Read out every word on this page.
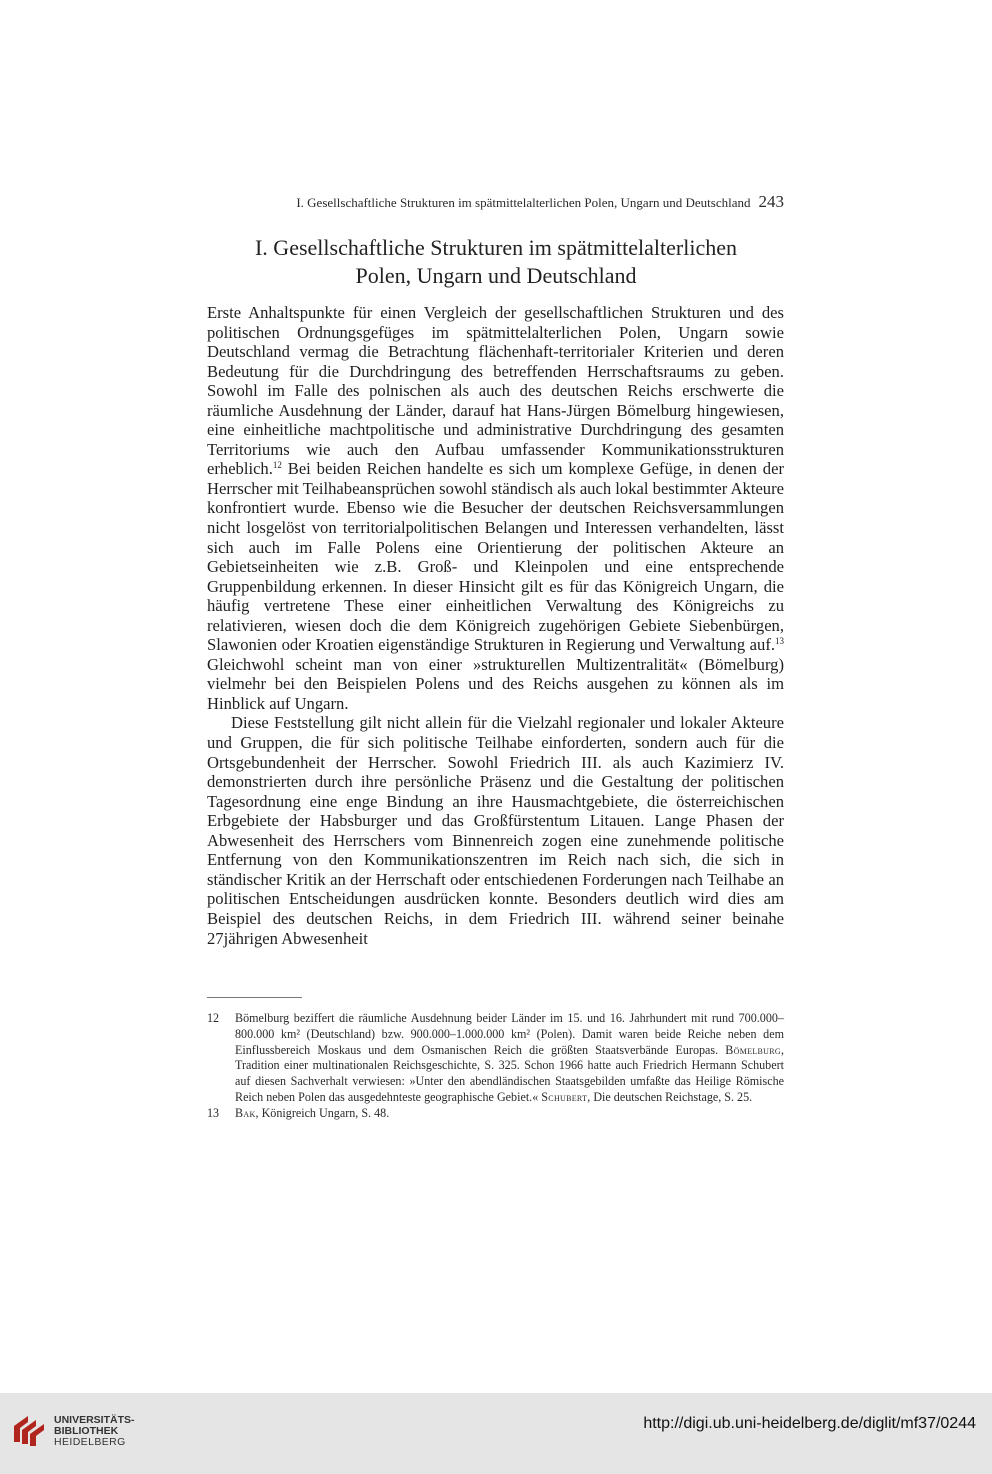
I. Gesellschaftliche Strukturen im spätmittelalterlichen Polen, Ungarn und Deutschland 243
I. Gesellschaftliche Strukturen im spätmittelalterlichen
Polen, Ungarn und Deutschland

Erste Anhaltspunkte für einen Vergleich der gesellschaftlichen Strukturen und des politischen Ordnungsgefüges im spätmittelalterlichen Polen, Ungarn sowie Deutschland vermag die Betrachtung flächenhaft-territorialer Kriterien und deren Bedeutung für die Durchdringung des betreffenden Herrschaftsraums zu geben. Sowohl im Falle des polnischen als auch des deutschen Reichs erschwerte die räumliche Ausdehnung der Länder, darauf hat Hans-Jürgen Bömelburg hingewiesen, eine einheitliche machtpolitische und administrative Durchdringung des gesamten Territoriums wie auch den Aufbau umfassender Kommunikationsstrukturen erheblich.$^{12}$ Bei beiden Reichen handelte es sich um komplexe Gefüge, in denen der Herrscher mit Teilhabeansprüchen sowohl ständisch als auch lokal bestimmter Akteure konfrontiert wurde. Ebenso wie die Besucher der deutschen Reichsversammlungen nicht losgelöst von territorialpolitischen Belangen und Interessen verhandelten, lässt sich auch im Falle Polens eine Orientierung der politischen Akteure an Gebietseinheiten wie z.B. Groß- und Kleinpolen und eine entsprechende Gruppenbildung erkennen. In dieser Hinsicht gilt es für das Königreich Ungarn, die häufig vertretene These einer einheitlichen Verwaltung des Königreichs zu relativieren, wiesen doch die dem Königreich zugehörigen Gebiete Siebenbürgen, Slawonien oder Kroatien eigenständige Strukturen in Regierung und Verwaltung auf.$^{13}$ Gleichwohl scheint man von einer »strukturellen Multizentralität« (Bömelburg) vielmehr bei den Beispielen Polens und des Reichs ausgehen zu können als im Hinblick auf Ungarn.

Diese Feststellung gilt nicht allein für die Vielzahl regionaler und lokaler Akteure und Gruppen, die für sich politische Teilhabe einforderten, sondern auch für die Ortsgebundenheit der Herrscher. Sowohl Friedrich III. als auch Kazimierz IV. demonstrierten durch ihre persönliche Präsenz und die Gestaltung der politischen Tagesordnung eine enge Bindung an ihre Hausmachtgebiete, die österreichischen Erbgebiete der Habsburger und das Großfürstentum Litauen. Lange Phasen der Abwesenheit des Herrschers vom Binnenreich zogen eine zunehmende politische Entfernung von den Kommunikationszentren im Reich nach sich, die sich in ständischer Kritik an der Herrschaft oder entschiedenen Forderungen nach Teilhabe an politischen Entscheidungen ausdrücken konnte. Besonders deutlich wird dies am Beispiel des deutschen Reichs, in dem Friedrich III. während seiner beinahe 27jährigen Abwesenheit

12	Bömelburg beziffert die räumliche Ausdehnung beider Länder im 15. und 16. Jahrhundert mit rund 700.000–800.000 km² (Deutschland) bzw. 900.000–1.000.000 km² (Polen). Damit waren beide Reiche neben dem Einflussbereich Moskaus und dem Osmanischen Reich die größten Staatsverbände Europas. Bömelburg, Tradition einer multinationalen Reichsgeschichte, S. 325. Schon 1966 hatte auch Friedrich Hermann Schubert auf diesen Sachverhalt verwiesen: »Unter den abendländischen Staatsgebilden umfaßte das Heilige Römische Reich neben Polen das ausgedehnteste geographische Gebiet.« Schubert, Die deutschen Reichstage, S. 25.
13	Bak, Königreich Ungarn, S. 48.
UNIVERSITÄTS-
BIBLIOTHEK
HEIDELBERG
http://digi.ub.uni-heidelberg.de/diglit/mf37/0244
